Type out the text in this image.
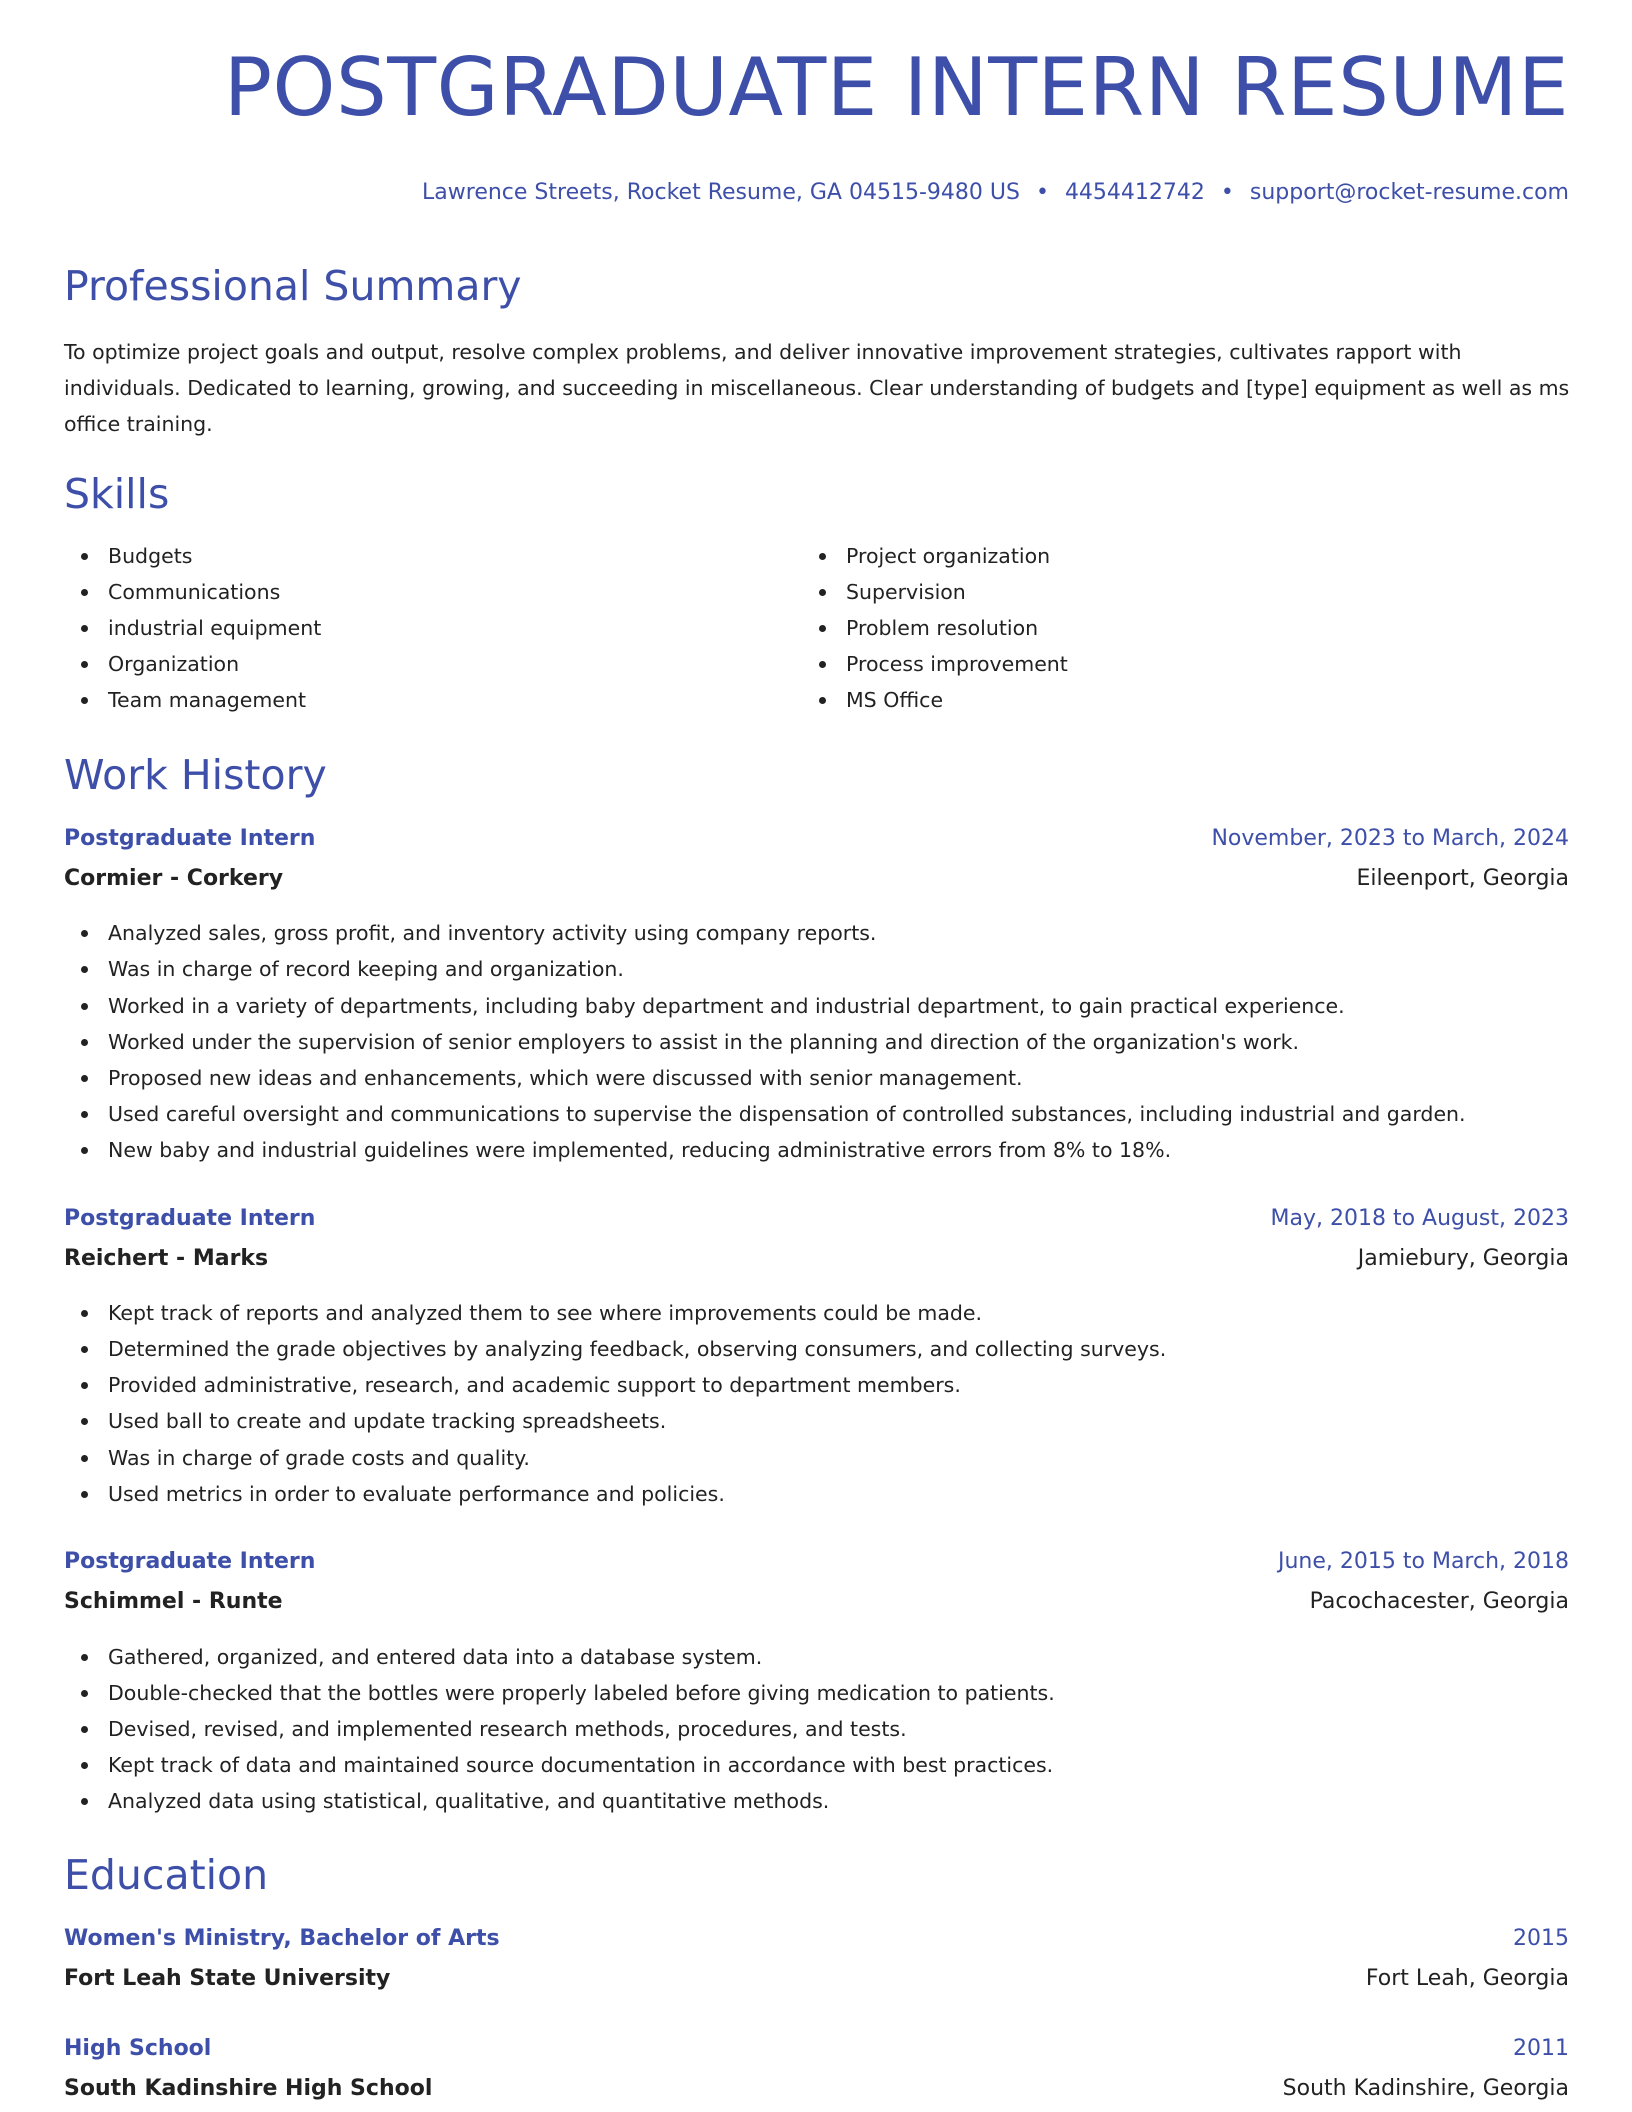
POSTGRADUATE INTERN RESUME
Lawrence Streets, Rocket Resume, GA 04515-9480 US • 4454412742 • support@rocket-resume.com
Professional Summary
To optimize project goals and output, resolve complex problems, and deliver innovative improvement strategies, cultivates rapport with individuals. Dedicated to learning, growing, and succeeding in miscellaneous. Clear understanding of budgets and [type] equipment as well as ms office training.
Skills
Budgets
Communications
industrial equipment
Organization
Team management
Project organization
Supervision
Problem resolution
Process improvement
MS Office
Work History
Postgraduate Intern	November, 2023 to March, 2024
Cormier - Corkery	Eileenport, Georgia
Analyzed sales, gross profit, and inventory activity using company reports.
Was in charge of record keeping and organization.
Worked in a variety of departments, including baby department and industrial department, to gain practical experience.
Worked under the supervision of senior employers to assist in the planning and direction of the organization's work.
Proposed new ideas and enhancements, which were discussed with senior management.
Used careful oversight and communications to supervise the dispensation of controlled substances, including industrial and garden.
New baby and industrial guidelines were implemented, reducing administrative errors from 8% to 18%.
Postgraduate Intern	May, 2018 to August, 2023
Reichert - Marks	Jamiebury, Georgia
Kept track of reports and analyzed them to see where improvements could be made.
Determined the grade objectives by analyzing feedback, observing consumers, and collecting surveys.
Provided administrative, research, and academic support to department members.
Used ball to create and update tracking spreadsheets.
Was in charge of grade costs and quality.
Used metrics in order to evaluate performance and policies.
Postgraduate Intern	June, 2015 to March, 2018
Schimmel - Runte	Pacochacester, Georgia
Gathered, organized, and entered data into a database system.
Double-checked that the bottles were properly labeled before giving medication to patients.
Devised, revised, and implemented research methods, procedures, and tests.
Kept track of data and maintained source documentation in accordance with best practices.
Analyzed data using statistical, qualitative, and quantitative methods.
Education
Women's Ministry, Bachelor of Arts	2015
Fort Leah State University	Fort Leah, Georgia
High School	2011
South Kadinshire High School	South Kadinshire, Georgia
